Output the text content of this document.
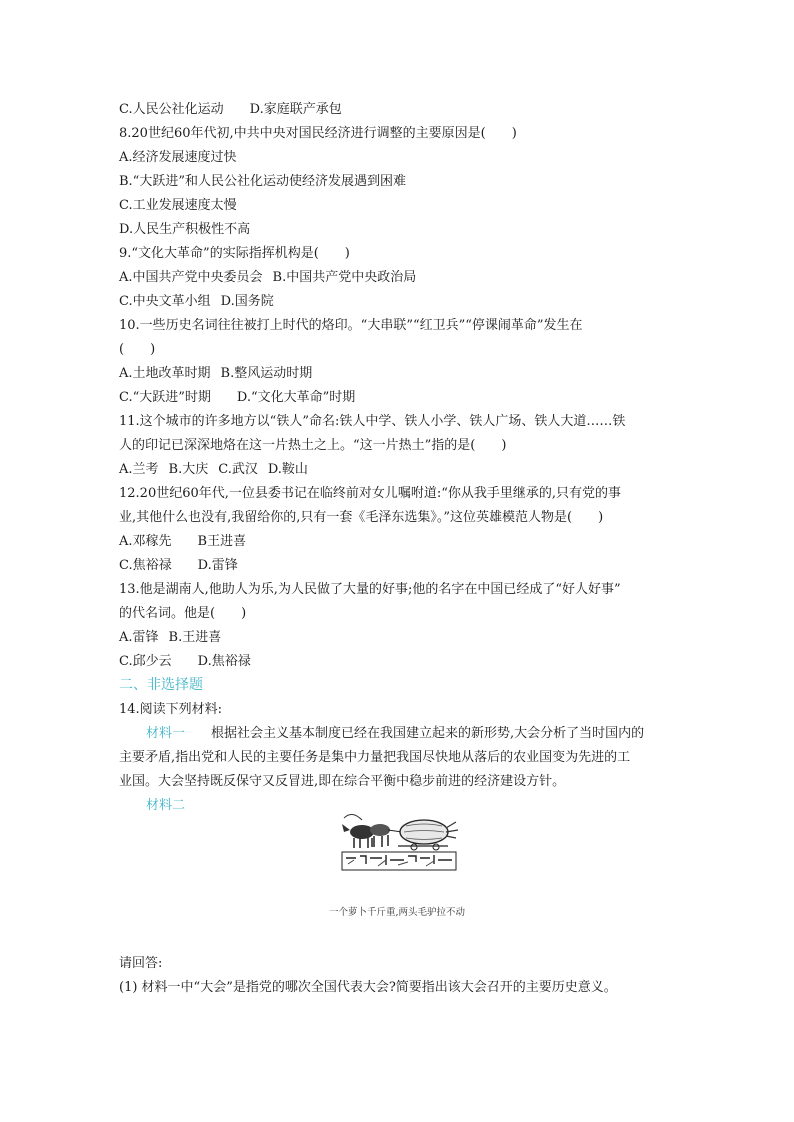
C.人民公社化运动 D.家庭联产承包
8.20世纪60年代初,中共中央对国民经济进行调整的主要原因是(　　)
A.经济发展速度过快
B.“大跃进”和人民公社化运动使经济发展遇到困难
C.工业发展速度太慢
D.人民生产积极性不高
9.“文化大革命”的实际指挥机构是(　　)
A.中国共产党中央委员会 B.中国共产党中央政治局
C.中央文革小组 D.国务院
10.一些历史名词往往被打上时代的烙印。“大串联”“红卫兵”“停课闹革命”发生在
(　　)
A.土地改革时期 B.整风运动时期
C.“大跃进”时期 D.“文化大革命”时期
11.这个城市的许多地方以“铁人”命名:铁人中学、铁人小学、铁人广场、铁人大道……铁
人的印记已深深地烙在这一片热土之上。“这一片热土”指的是(　　)
A.兰考 B.大庆 C.武汉 D.鞍山
12.20世纪60年代,一位县委书记在临终前对女儿嘱咐道:“你从我手里继承的,只有党的事
业,其他什么也没有,我留给你的,只有一套《毛泽东选集》。”这位英雄模范人物是(　　)
A.邓稼先 B王进喜
C.焦裕禄 D.雷锋
13.他是湖南人,他助人为乐,为人民做了大量的好事;他的名字在中国已经成了“好人好事”
的代名词。他是(　　)
A.雷锋 B.王进喜
C.邱少云 D.焦裕禄
二、非选择题
14.阅读下列材料:
材料一 根据社会主义基本制度已经在我国建立起来的新形势,大会分析了当时国内的
主要矛盾,指出党和人民的主要任务是集中力量把我国尽快地从落后的农业国变为先进的工
业国。大会坚持既反保守又反冒进,即在综合平衡中稳步前进的经济建设方针。
材料二
一个萝卜千斤重,两头毛驴拉不动
请回答:
(1) 材料一中“大会”是指党的哪次全国代表大会?简要指出该大会召开的主要历史意义。
